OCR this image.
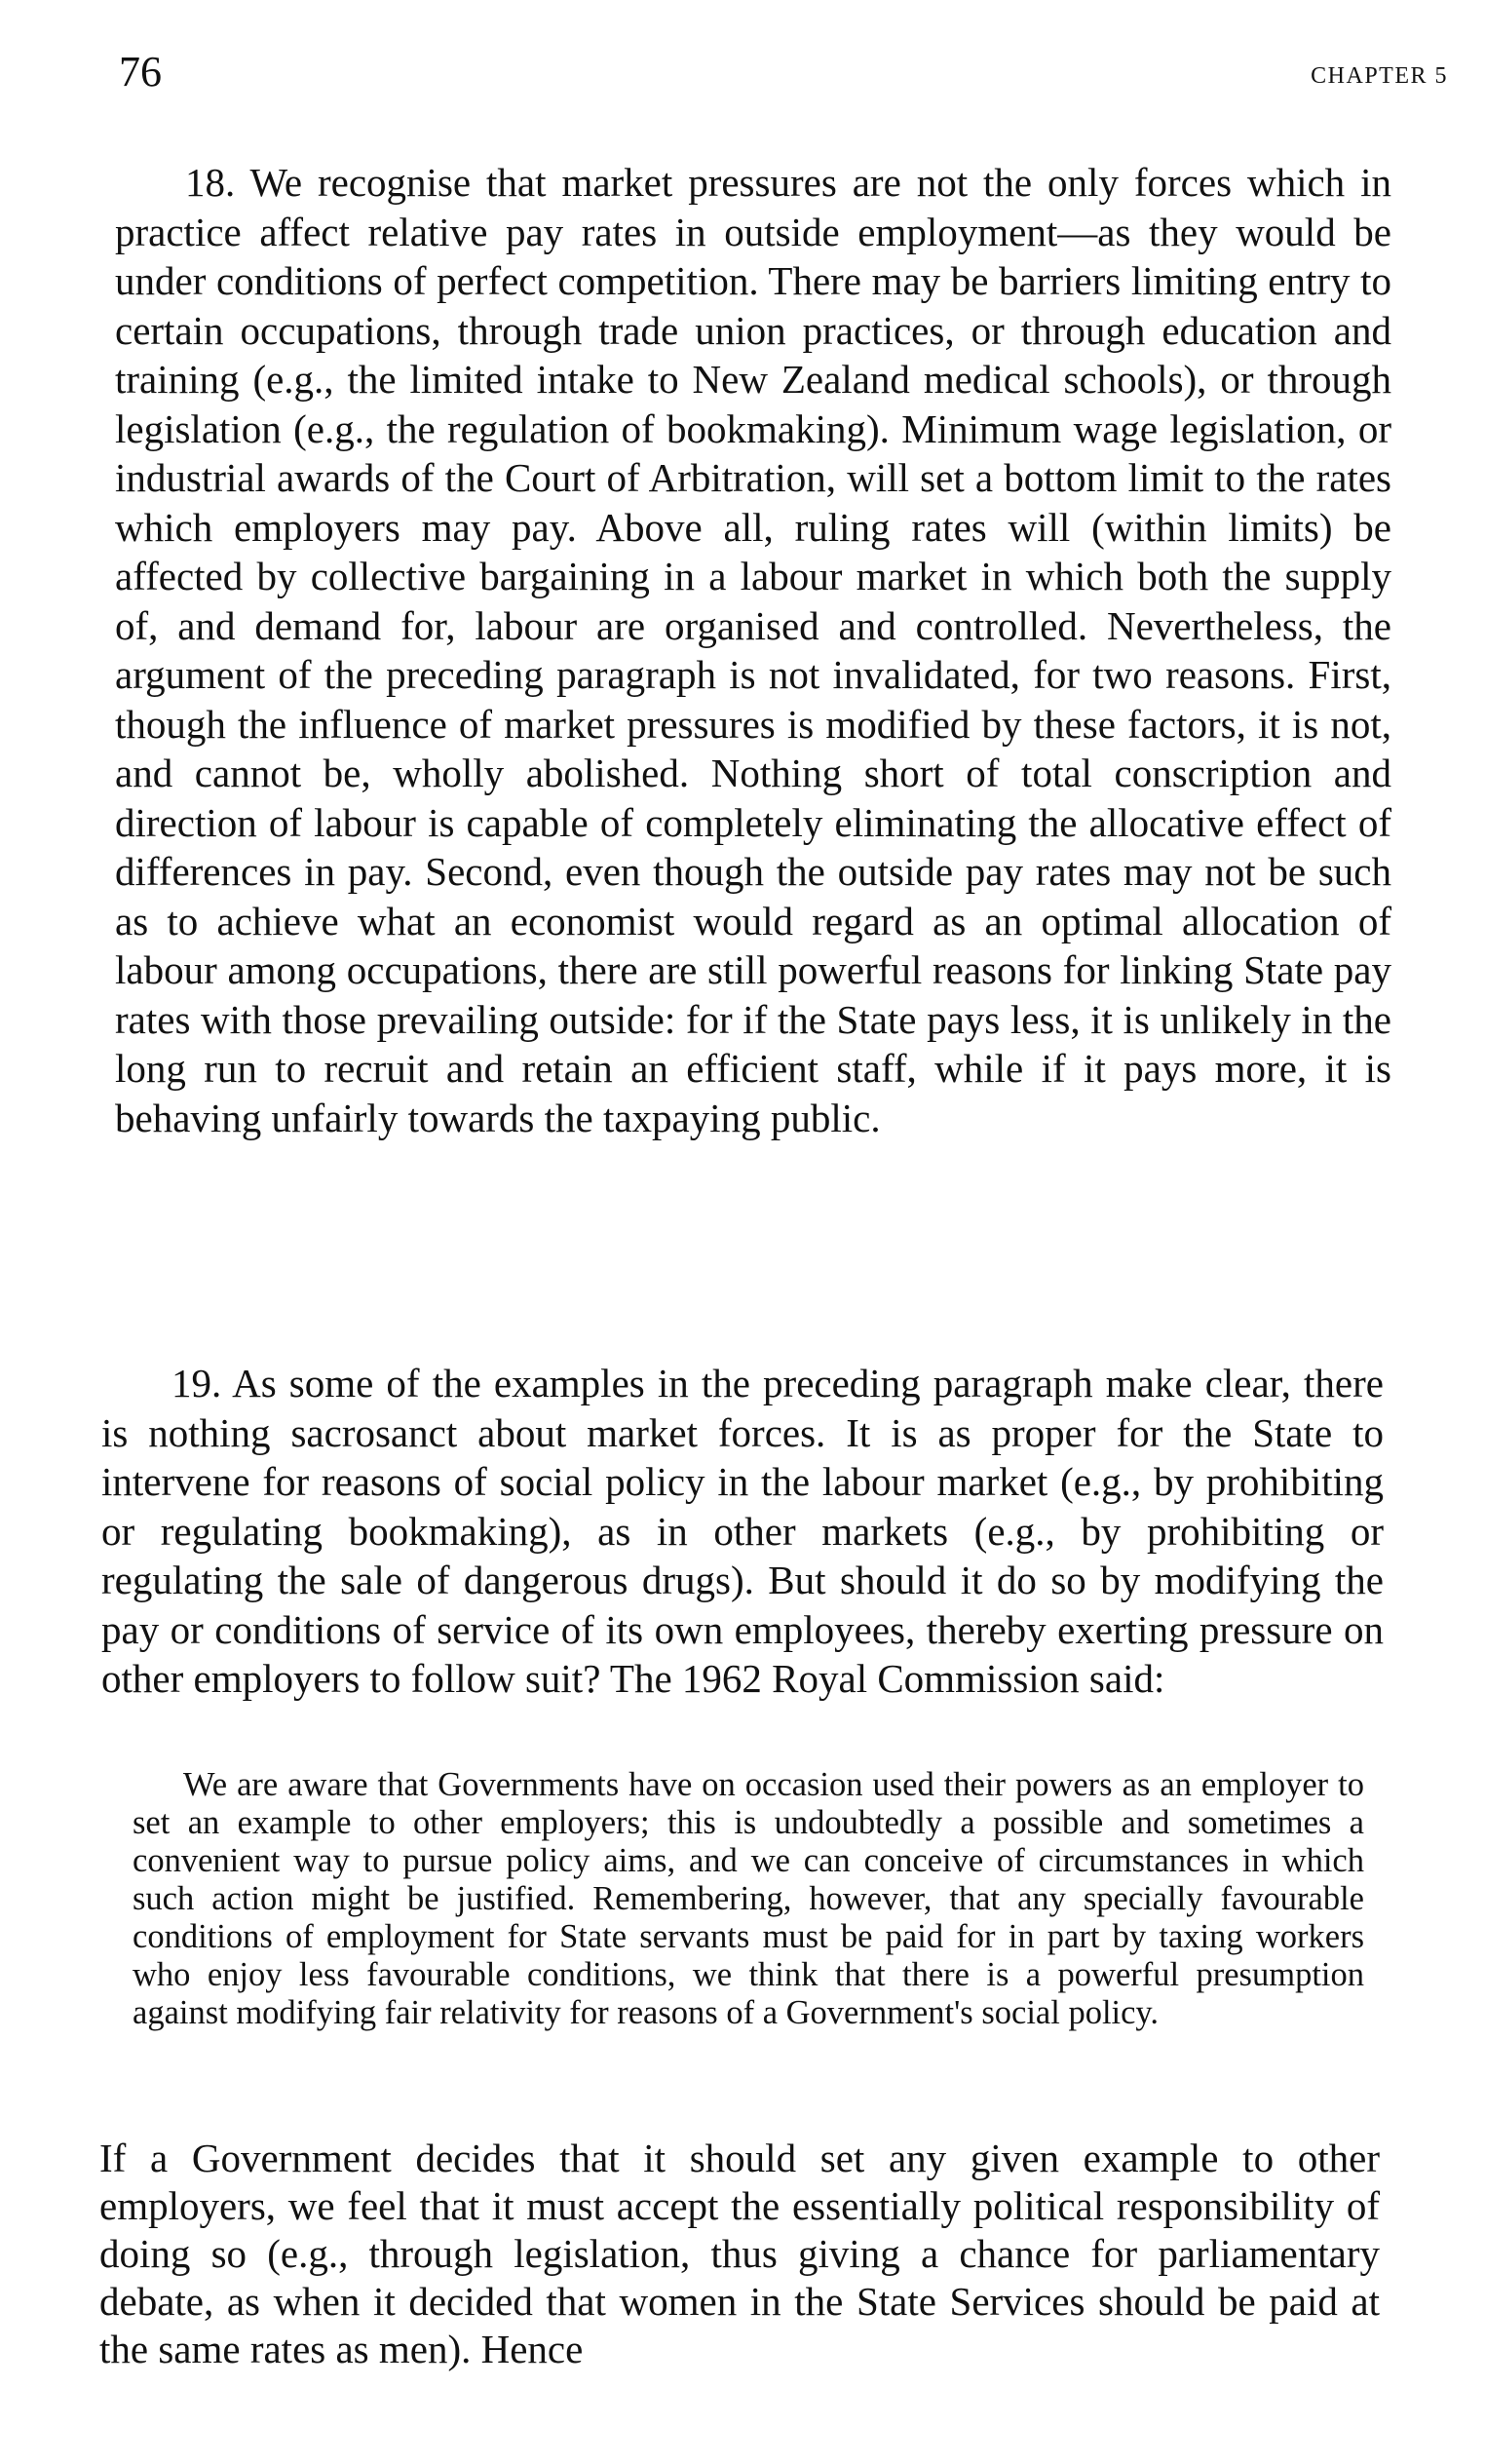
76	CHAPTER 5

18. We recognise that market pressures are not the only forces which in practice affect relative pay rates in outside employment—as they would be under conditions of perfect competition. There may be barriers limiting entry to certain occupations, through trade union practices, or through education and training (e.g., the limited intake to New Zealand medical schools), or through legislation (e.g., the regulation of bookmaking). Minimum wage legislation, or industrial awards of the Court of Arbitration, will set a bottom limit to the rates which employers may pay. Above all, ruling rates will (within limits) be affected by collective bargaining in a labour market in which both the supply of, and demand for, labour are organised and controlled. Nevertheless, the argument of the preceding paragraph is not invalidated, for two reasons. First, though the influence of market pressures is modified by these factors, it is not, and cannot be, wholly abolished. Nothing short of total conscription and direction of labour is capable of completely eliminating the allocative effect of differences in pay. Second, even though the outside pay rates may not be such as to achieve what an economist would regard as an optimal allocation of labour among occupations, there are still powerful reasons for linking State pay rates with those prevailing outside: for if the State pays less, it is unlikely in the long run to recruit and retain an efficient staff, while if it pays more, it is behaving unfairly towards the taxpaying public.

19. As some of the examples in the preceding paragraph make clear, there is nothing sacrosanct about market forces. It is as proper for the State to intervene for reasons of social policy in the labour market (e.g., by prohibiting or regulating bookmaking), as in other markets (e.g., by prohibiting or regulating the sale of dangerous drugs). But should it do so by modifying the pay or conditions of service of its own employees, thereby exerting pressure on other employers to follow suit? The 1962 Royal Commission said:

We are aware that Governments have on occasion used their powers as an employer to set an example to other employers; this is undoubtedly a possible and sometimes a convenient way to pursue policy aims, and we can conceive of circumstances in which such action might be justified. Remembering, however, that any specially favourable conditions of employment for State servants must be paid for in part by taxing workers who enjoy less favourable conditions, we think that there is a powerful presumption against modifying fair relativity for reasons of a Government's social policy.

If a Government decides that it should set any given example to other employers, we feel that it must accept the essentially political responsibility of doing so (e.g., through legislation, thus giving a chance for parliamentary debate, as when it decided that women in the State Services should be paid at the same rates as men). Hence
